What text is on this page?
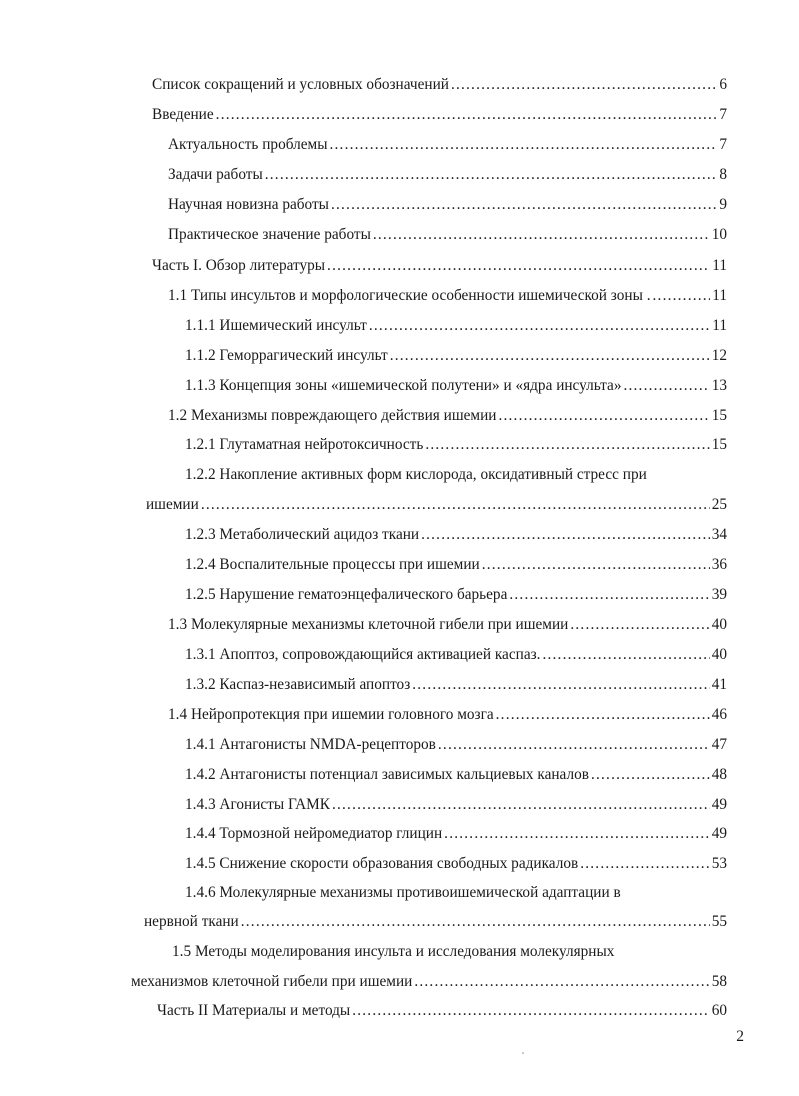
Список сокращений и условных обозначений .....	6
Введение .....	7
Актуальность проблемы .....	7
Задачи работы .....	8
Научная новизна работы .....	9
Практическое значение работы .....	10
Часть I. Обзор литературы .....	11
1.1 Типы инсультов и морфологические особенности ишемической зоны . .....	11
1.1.1 Ишемический инсульт .....	11
1.1.2 Геморрагический инсульт .....	12
1.1.3 Концепция зоны «ишемической полутени» и «ядра инсульта» .....	13
1.2 Механизмы повреждающего действия ишемии .....	15
1.2.1 Глутаматная нейротоксичность .....	15
1.2.2 Накопление активных форм кислорода, оксидативный стресс при
ишемии .....	25
1.2.3 Метаболический ацидоз ткани .....	34
1.2.4 Воспалительные процессы при ишемии .....	36
1.2.5 Нарушение гематоэнцефалического барьера .....	39
1.3 Молекулярные механизмы клеточной гибели при ишемии .....	40
1.3.1 Апоптоз, сопровождающийся активацией каспаз. .....	40
1.3.2 Каспаз-независимый апоптоз .....	41
1.4 Нейропротекция при ишемии головного мозга .....	46
1.4.1 Антагонисты NMDA-рецепторов .....	47
1.4.2 Антагонисты потенциал зависимых кальциевых каналов .....	48
1.4.3 Агонисты ГАМК .....	49
1.4.4 Тормозной нейромедиатор глицин .....	49
1.4.5 Снижение скорости образования свободных радикалов .....	53
1.4.6 Молекулярные механизмы противоишемической адаптации в
нервной ткани .....	55
1.5 Методы моделирования инсульта и исследования молекулярных
механизмов клеточной гибели при ишемии .....	58
Часть II Материалы и методы .....	60
2
